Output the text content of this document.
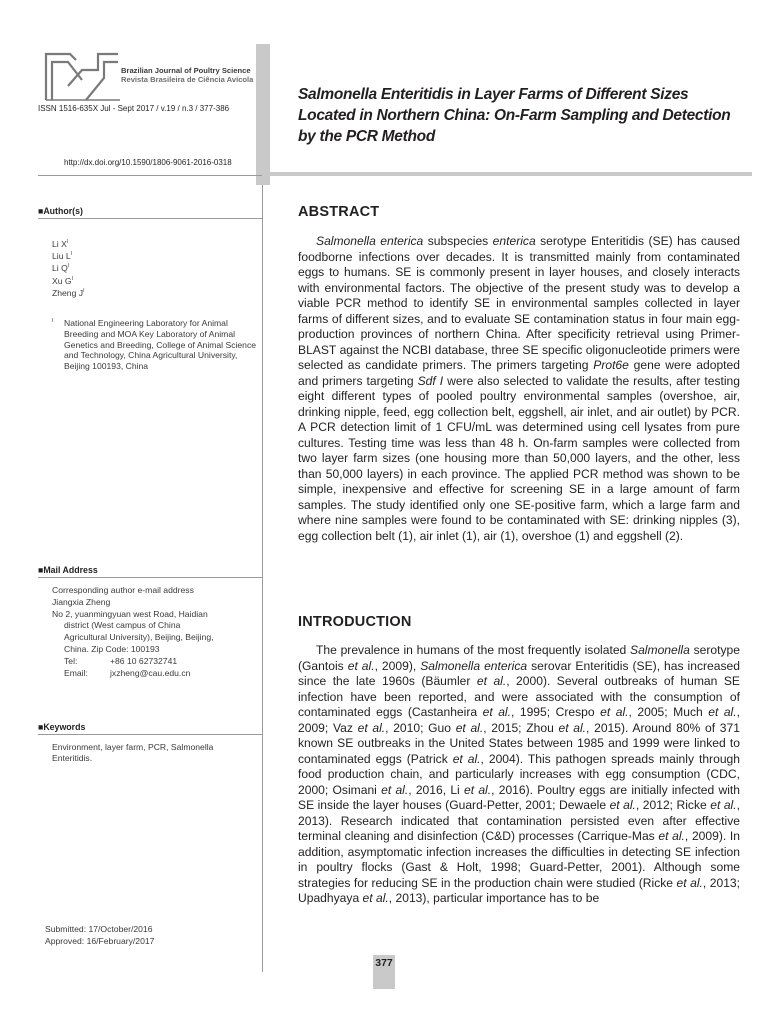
Brazilian Journal of Poultry Science
Revista Brasileira de Ciência Avícola
ISSN 1516-635X Jul - Sept 2017 / v.19 / n.3 / 377-386
http://dx.doi.org/10.1590/1806-9061-2016-0318
Salmonella Enteritidis in Layer Farms of Different Sizes Located in Northern China: On-Farm Sampling and Detection by the PCR Method
■Author(s)
Li $X^I$
Liu $L^I$
Li $Q^I$
Xu $G^I$
Zheng $J^I$
I	National Engineering Laboratory for Animal Breeding and MOA Key Laboratory of Animal Genetics and Breeding, College of Animal Science and Technology, China Agricultural University, Beijing 100193, China
■Mail Address
Corresponding author e-mail address
Jiangxia Zheng
No 2, yuanmingyuan west Road, Haidian
district (West campus of China
Agricultural University), Beijing, Beijing,
China. Zip Code: 100193
Tel:	+86 10 62732741
Email:	jxzheng@cau.edu.cn
■Keywords
Environment, layer farm, PCR, Salmonella Enteritidis.
Submitted: 17/October/2016
Approved: 16/February/2017
ABSTRACT
Salmonella enterica subspecies enterica serotype Enteritidis (SE) has caused foodborne infections over decades. It is transmitted mainly from contaminated eggs to humans. SE is commonly present in layer houses, and closely interacts with environmental factors. The objective of the present study was to develop a viable PCR method to identify SE in environmental samples collected in layer farms of different sizes, and to evaluate SE contamination status in four main egg-production provinces of northern China. After specificity retrieval using Primer-BLAST against the NCBI database, three SE specific oligonucleotide primers were selected as candidate primers. The primers targeting Prot6e gene were adopted and primers targeting Sdf I were also selected to validate the results, after testing eight different types of pooled poultry environmental samples (overshoe, air, drinking nipple, feed, egg collection belt, eggshell, air inlet, and air outlet) by PCR. A PCR detection limit of 1 CFU/mL was determined using cell lysates from pure cultures. Testing time was less than 48 h. On-farm samples were collected from two layer farm sizes (one housing more than 50,000 layers, and the other, less than 50,000 layers) in each province. The applied PCR method was shown to be simple, inexpensive and effective for screening SE in a large amount of farm samples. The study identified only one SE-positive farm, which a large farm and where nine samples were found to be contaminated with SE: drinking nipples (3), egg collection belt (1), air inlet (1), air (1), overshoe (1) and eggshell (2).
INTRODUCTION
The prevalence in humans of the most frequently isolated Salmonella serotype (Gantois et al., 2009), Salmonella enterica serovar Enteritidis (SE), has increased since the late 1960s (Bäumler et al., 2000). Several outbreaks of human SE infection have been reported, and were associated with the consumption of contaminated eggs (Castanheira et al., 1995; Crespo et al., 2005; Much et al., 2009; Vaz et al., 2010; Guo et al., 2015; Zhou et al., 2015). Around 80% of 371 known SE outbreaks in the United States between 1985 and 1999 were linked to contaminated eggs (Patrick et al., 2004). This pathogen spreads mainly through food production chain, and particularly increases with egg consumption (CDC, 2000; Osimani et al., 2016, Li et al., 2016). Poultry eggs are initially infected with SE inside the layer houses (Guard-Petter, 2001; Dewaele et al., 2012; Ricke et al., 2013). Research indicated that contamination persisted even after effective terminal cleaning and disinfection (C&D) processes (Carrique-Mas et al., 2009). In addition, asymptomatic infection increases the difficulties in detecting SE infection in poultry flocks (Gast & Holt, 1998; Guard-Petter, 2001). Although some strategies for reducing SE in the production chain were studied (Ricke et al., 2013; Upadhyaya et al., 2013), particular importance has to be
377
